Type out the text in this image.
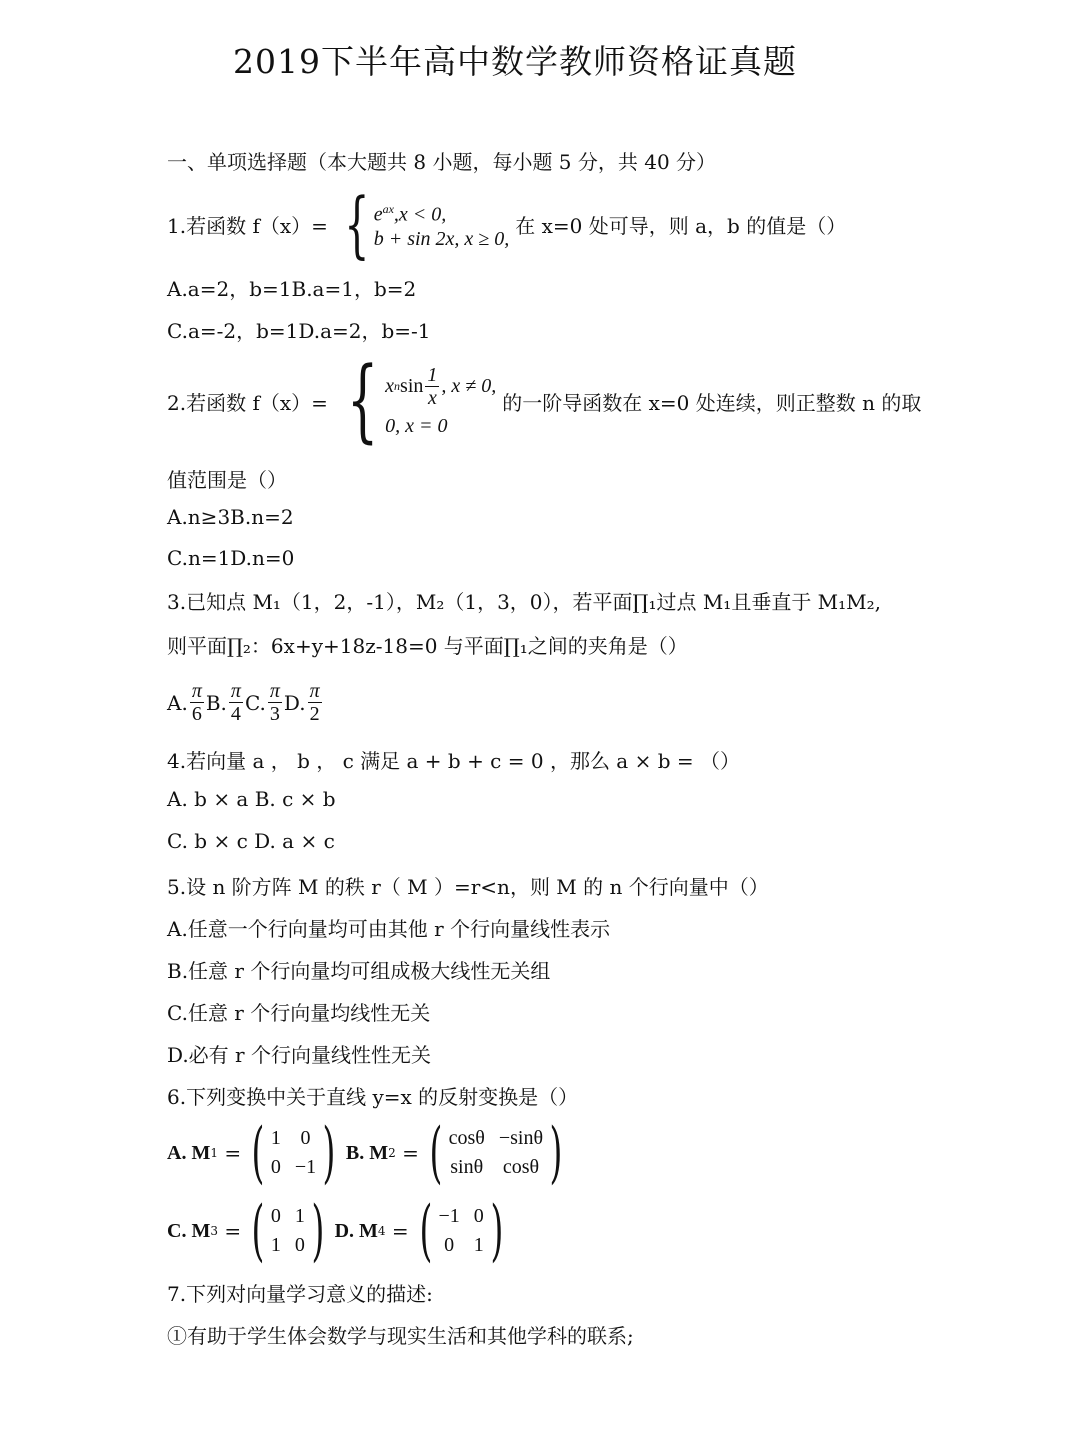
2019下半年高中数学教师资格证真题
一、单项选择题（本大题共 8 小题，每小题 5 分，共 40 分）
1.若函数 f（x）= { $e^{ax},x < 0$,
b + sin 2x, x ≥ 0,
在 x=0 处可导，则 a，b 的值是（）
A.a=2，b=1B.a=1，b=2
C.a=-2，b=1D.a=2，b=-1
2.若函数 f（x）= { x n $\sin \frac{1}{x}$ , x ≠ 0,
0, x = 0
的一阶导函数在 x=0 处连续，则正整数 n 的取
值范围是（）
A.n≥3B.n=2
C.n=1D.n=0
3.已知点 M₁（1，2，-1），M₂（1，3，0），若平面∏₁过点 M₁且垂直于 M₁M₂,
则平面∏₂：6x+y+18z-18=0 与平面∏₁之间的夹角是（）
A. $\frac{\pi}{6} B$. $\frac{\pi}{4} C$. $\frac{\pi}{3} D$. $\frac{\pi}{2}$
4.若向量 a ， b ， c 满足 a + b + c = 0 ，那么 a × b = （）
A. b × a B. c × b
C. b × c D. a × c
5.设 n 阶方阵 M 的秩 r（ M ）=r<n，则 M 的 n 个行向量中（）
A.任意一个行向量均可由其他 r 个行向量线性表示
B.任意 r 个行向量均可组成极大线性无关组
C.任意 r 个行向量均线性无关
D.必有 r 个行向量线性性无关
6.下列变换中关于直线 y=x 的反射变换是（）
A. M 1 = ( 1 0
0 −1 ) B. M 2 = ( cosθ −sinθ
sinθ cosθ )
C. M 3 = ( 0 1
1 0 ) D. M 4 = ( −1 0
0 1 )
7.下列对向量学习意义的描述:
①有助于学生体会数学与现实生活和其他学科的联系;
